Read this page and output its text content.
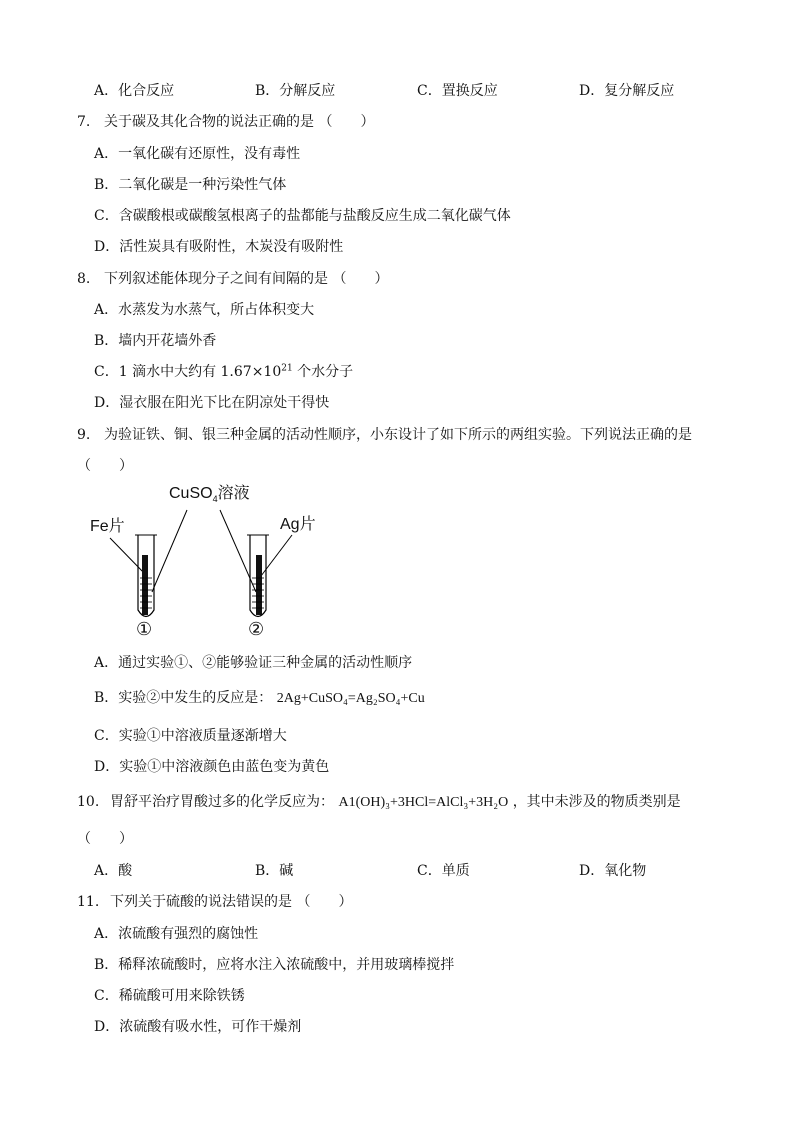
A．化合反应	B．分解反应	C．置换反应	D．复分解反应
7. 关于碳及其化合物的说法正确的是 （　　）
A．一氧化碳有还原性，没有毒性
B．二氧化碳是一种污染性气体
C．含碳酸根或碳酸氢根离子的盐都能与盐酸反应生成二氧化碳气体
D．活性炭具有吸附性，木炭没有吸附性
8. 下列叙述能体现分子之间有间隔的是 （　　）
A．水蒸发为水蒸气，所占体积变大
B．墙内开花墙外香
C．1 滴水中大约有 $1.67\times 10^{21}$ 个水分子
D．湿衣服在阳光下比在阴凉处干得快
9. 为验证铁、铜、银三种金属的活动性顺序，小东设计了如下所示的两组实验。下列说法正确的是
（　　）
CuSO$_4$溶液
Fe片	Ag片
①	②
A．通过实验①、②能够验证三种金属的活动性顺序
B．实验②中发生的反应是： 2Ag+CuSO₄=Ag₂SO₄+Cu
C．实验①中溶液质量逐渐增大
D．实验①中溶液颜色由蓝色变为黄色
10. 胃舒平治疗胃酸过多的化学反应为： A1(OH)₃+3HCl=AlCl₃+3H₂O ，其中未涉及的物质类别是
（　　）
A．酸	B．碱	C．单质	D．氧化物
11. 下列关于硫酸的说法错误的是 （　　）
A．浓硫酸有强烈的腐蚀性
B．稀释浓硫酸时，应将水注入浓硫酸中，并用玻璃棒搅拌
C．稀硫酸可用来除铁锈
D．浓硫酸有吸水性，可作干燥剂
